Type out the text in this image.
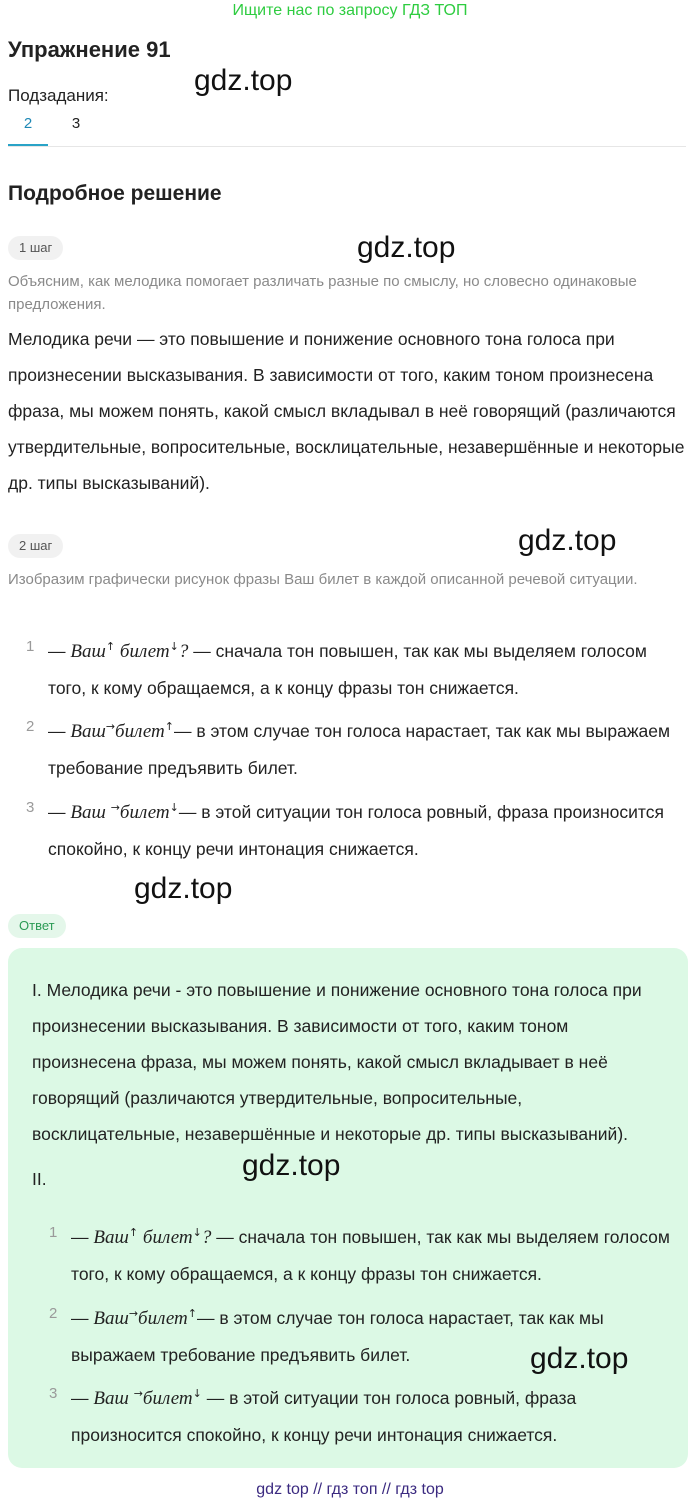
Ищите нас по запросу ГДЗ ТОП
Упражнение 91
gdz.top
Подзадания:
2	3
Подробное решение
1 шаг	gdz.top
Объясним, как мелодика помогает различать разные по смыслу, но словесно одинаковые предложения.
Мелодика речи — это повышение и понижение основного тона голоса при произнесении высказывания. В зависимости от того, каким тоном произнесена фраза, мы можем понять, какой смысл вкладывал в неё говорящий (различаются утвердительные, вопросительные, восклицательные, незавершённые и некоторые др. типы высказываний).
2 шаг	gdz.top
Изобразим графически рисунок фразы Ваш билет в каждой описанной речевой ситуации.
1 — Ваш↑ билет↓? — сначала тон повышен, так как мы выделяем голосом того, к кому обращаемся, а к концу фразы тон снижается.
2 — Ваш→билет↑— в этом случае тон голоса нарастает, так как мы выражаем требование предъявить билет.
3 — Ваш →билет↓— в этой ситуации тон голоса ровный, фраза произносится спокойно, к концу речи интонация снижается.
gdz.top
Ответ
I. Мелодика речи - это повышение и понижение основного тона голоса при произнесении высказывания. В зависимости от того, каким тоном произнесена фраза, мы можем понять, какой смысл вкладывает в неё говорящий (различаются утвердительные, вопросительные, восклицательные, незавершённые и некоторые др. типы высказываний).
II.	gdz.top
1 — Ваш↑ билет↓? — сначала тон повышен, так как мы выделяем голосом того, к кому обращаемся, а к концу фразы тон снижается.
2 — Ваш→билет↑— в этом случае тон голоса нарастает, так как мы выражаем требование предъявить билет.	gdz.top
3 — Ваш →билет↓ — в этой ситуации тон голоса ровный, фраза произносится спокойно, к концу речи интонация снижается.
gdz top // гдз топ // гдз top
